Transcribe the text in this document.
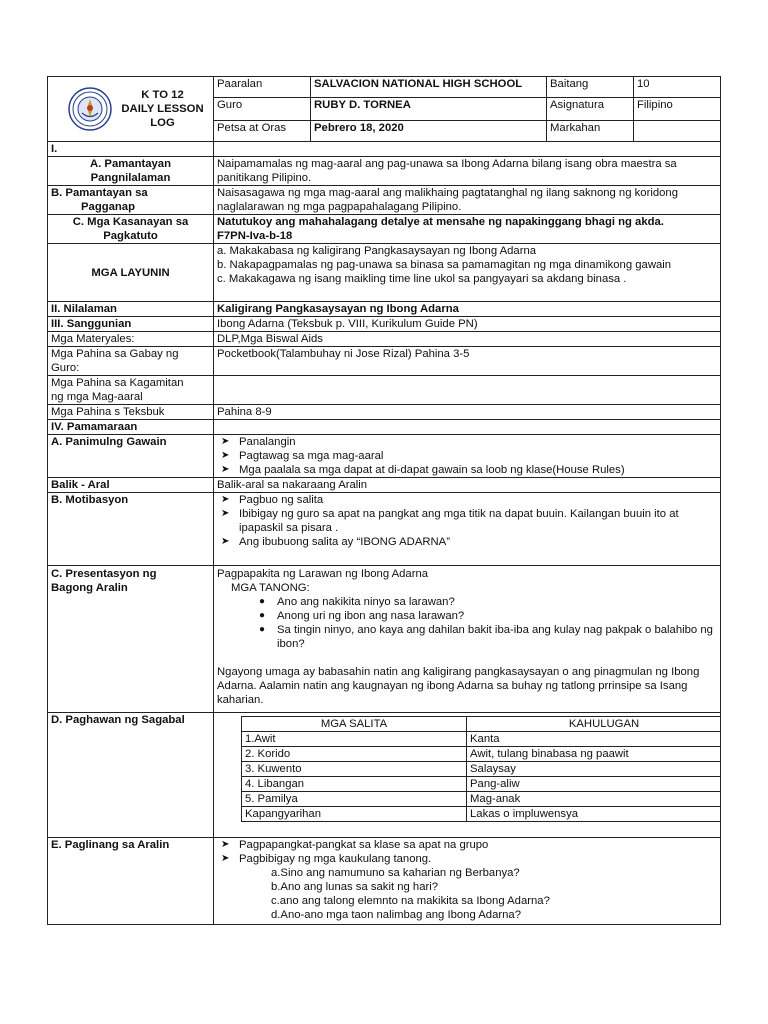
K TO 12
DAILY LESSON
LOG
	Paaralan	SALVACION NATIONAL HIGH SCHOOL	Baitang	10
Guro	RUBY D. TORNEA	Asignatura	Filipino
Petsa at Oras	Pebrero 18, 2020	Markahan	
I.	

A. Pamantayan
Pangnilalaman
	Naipamamalas ng mag-aaral ang pag-unawa sa Ibong Adarna bilang isang obra maestra sa panitikang Pilipino.

B. Pamantayan sa
Pagganap
	Naisasagawa ng mga mag-aaral ang malikhaing pagtatanghal ng ilang saknong ng koridong naglalarawan ng mga pagpapahalagang Pilipino.

C. Mga Kasanayan sa
Pagkatuto

Natutukoy ang mahahalagang detalye at mensahe ng napakinggang bhagi ng akda.
F7PN-Iva-b-18

MGA LAYUNIN	
a. Makakabasa ng kaligirang Pangkasaysayan ng Ibong Adarna
b. Nakapagpamalas ng pag-unawa sa binasa sa pamamagitan ng mga dinamikong gawain
c. Makakagawa ng isang maikling time line ukol sa pangyayari sa akdang binasa .

II. Nilalaman	Kaligirang Pangkasaysayan ng Ibong Adarna
III. Sanggunian	Ibong Adarna (Teksbuk p. VIII, Kurikulum Guide PN)
Mga Materyales:	DLP,Mga Biswal Aids

Mga Pahina sa Gabay ng
Guro:
	Pocketbook(Talambuhay ni Jose Rizal) Pahina 3-5

Mga Pahina sa Kagamitan
ng mga Mag-aaral

Mga Pahina s Teksbuk	Pahina 8-9
IV. Pamamaraan	
A. Panimulng Gawain	➤ Panalangin
➤ Pagtawag sa mga mag-aaral
➤ Mga paalala sa mga dapat at di-dapat gawain sa loob ng klase(House Rules)

Balik - Aral	Balik-aral sa nakaraang Aralin
B. Motibasyon	➤ Pagbuo ng salita
➤ Ibibigay ng guro sa apat na pangkat ang mga titik na dapat buuin. Kailangan buuin ito at ipapaskil sa pisara .
➤ Ang ibubuong salita ay “IBONG ADARNA”

C. Presentasyon ng
Bagong Aralin

Pagpapakita ng Larawan ng Ibong Adarna
MGA TANONG:
● Ano ang nakikita ninyo sa larawan?
● Anong uri ng ibon ang nasa larawan?
● Sa tingin ninyo, ano kaya ang dahilan bakit iba-iba ang kulay nag pakpak o balahibo ng ibon?
Ngayong umaga ay babasahin natin ang kaligirang pangkasaysayan o ang pinagmulan ng Ibong Adarna. Aalamin natin ang kaugnayan ng ibong Adarna sa buhay ng tatlong prrinsipe sa Isang kaharian.

D. Paghawan ng Sagabal		MGA SALITA	KAHULUGAN
1.Awit	Kanta
2. Korido	Awit, tulang binabasa ng paawit
3. Kuwento	Salaysay
4. Libangan	Pang-aliw
5. Pamilya	Mag-anak
Kapangyarihan	Lakas o impluwensya

E. Paglinang sa Aralin	➤ Pagpapangkat-pangkat sa klase sa apat na grupo
➤ Pagbibigay ng mga kaukulang tanong.
a.Sino ang namumuno sa kaharian ng Berbanya?
b.Ano ang lunas sa sakit ng hari?
c.ano ang talong elemnto na makikita sa Ibong Adarna?
d.Ano-ano mga taon nalimbag ang Ibong Adarna?
